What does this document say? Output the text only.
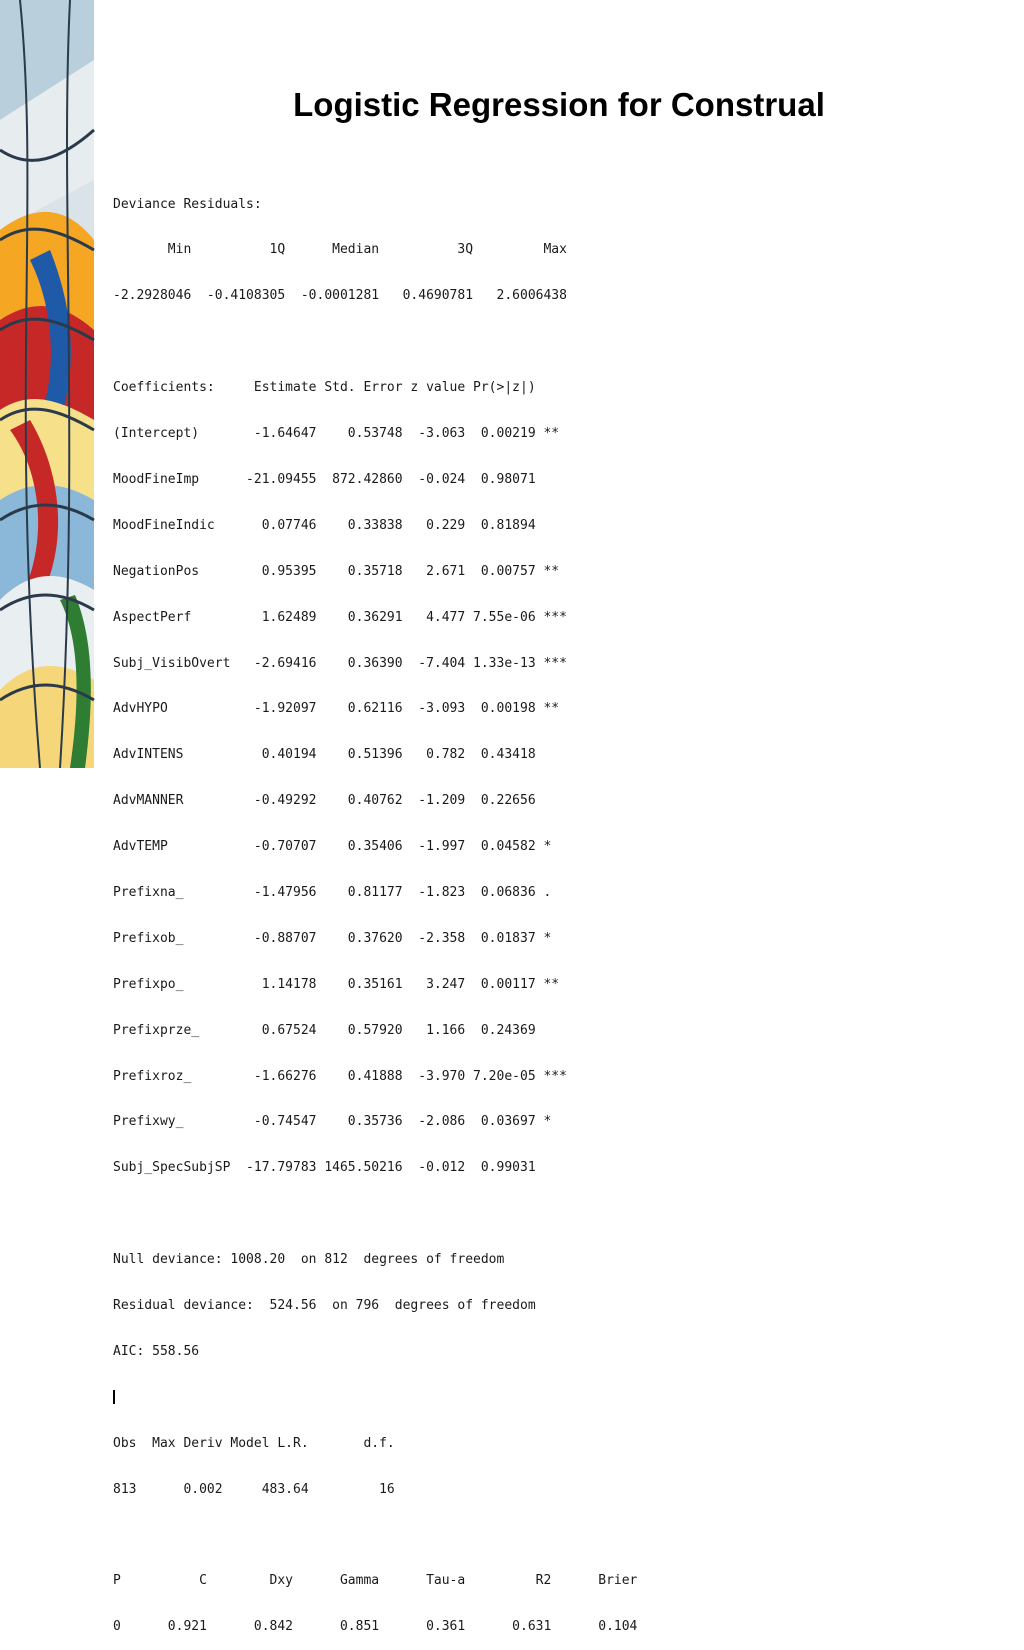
Logistic Regression for Construal

Deviance Residuals:

Min          1Q      Median          3Q         Max

-2.2928046  -0.4108305  -0.0001281   0.4690781   2.6006438

Coefficients:     Estimate Std. Error z value Pr(>|z|)

(Intercept)       -1.64647    0.53748  -3.063  0.00219 **

MoodFineImp      -21.09455  872.42860  -0.024  0.98071

MoodFineIndic      0.07746    0.33838   0.229  0.81894

NegationPos        0.95395    0.35718   2.671  0.00757 **

AspectPerf         1.62489    0.36291   4.477 7.55e-06 ***

Subj_VisibOvert   -2.69416    0.36390  -7.404 1.33e-13 ***

AdvHYPO           -1.92097    0.62116  -3.093  0.00198 **

AdvINTENS          0.40194    0.51396   0.782  0.43418

AdvMANNER         -0.49292    0.40762  -1.209  0.22656

AdvTEMP           -0.70707    0.35406  -1.997  0.04582 *

Prefixna_         -1.47956    0.81177  -1.823  0.06836 .

Prefixob_         -0.88707    0.37620  -2.358  0.01837 *

Prefixpo_          1.14178    0.35161   3.247  0.00117 **

Prefixprze_        0.67524    0.57920   1.166  0.24369

Prefixroz_        -1.66276    0.41888  -3.970 7.20e-05 ***

Prefixwy_         -0.74547    0.35736  -2.086  0.03697 *

Subj_SpecSubjSP  -17.79783 1465.50216  -0.012  0.99031

Null deviance: 1008.20  on 812  degrees of freedom

Residual deviance:  524.56  on 796  degrees of freedom

AIC: 558.56

Obs  Max Deriv Model L.R.       d.f.

813      0.002     483.64         16

P          C        Dxy      Gamma      Tau-a         R2      Brier

0      0.921      0.842      0.851      0.361      0.631      0.104
